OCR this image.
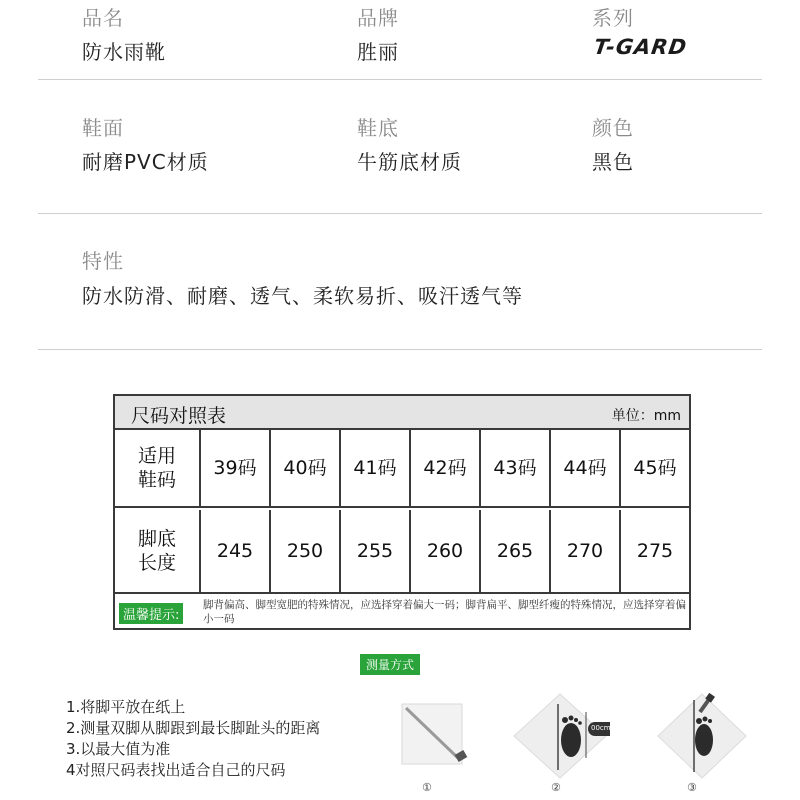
品名
防水雨靴
品牌
胜丽
系列
T-GARD
鞋面
耐磨PVC材质
鞋底
牛筋底材质
颜色
黑色
特性
防水防滑、耐磨、透气、柔软易折、吸汗透气等
尺码对照表	单位：mm
适用
鞋码
39码	40码	41码	42码	43码	44码	45码
脚底
长度
245	250	255	260	265	270	275
温馨提示:
脚背偏高、脚型宽肥的特殊情况，应选择穿着偏大一码；脚背扁平、脚型纤瘦的特殊情况，应选择穿着偏小一码
测量方式
1.将脚平放在纸上
2.测量双脚从脚跟到最长脚趾头的距离
3.以最大值为准
4对照尺码表找出适合自己的尺码
①
00cm
②	③
